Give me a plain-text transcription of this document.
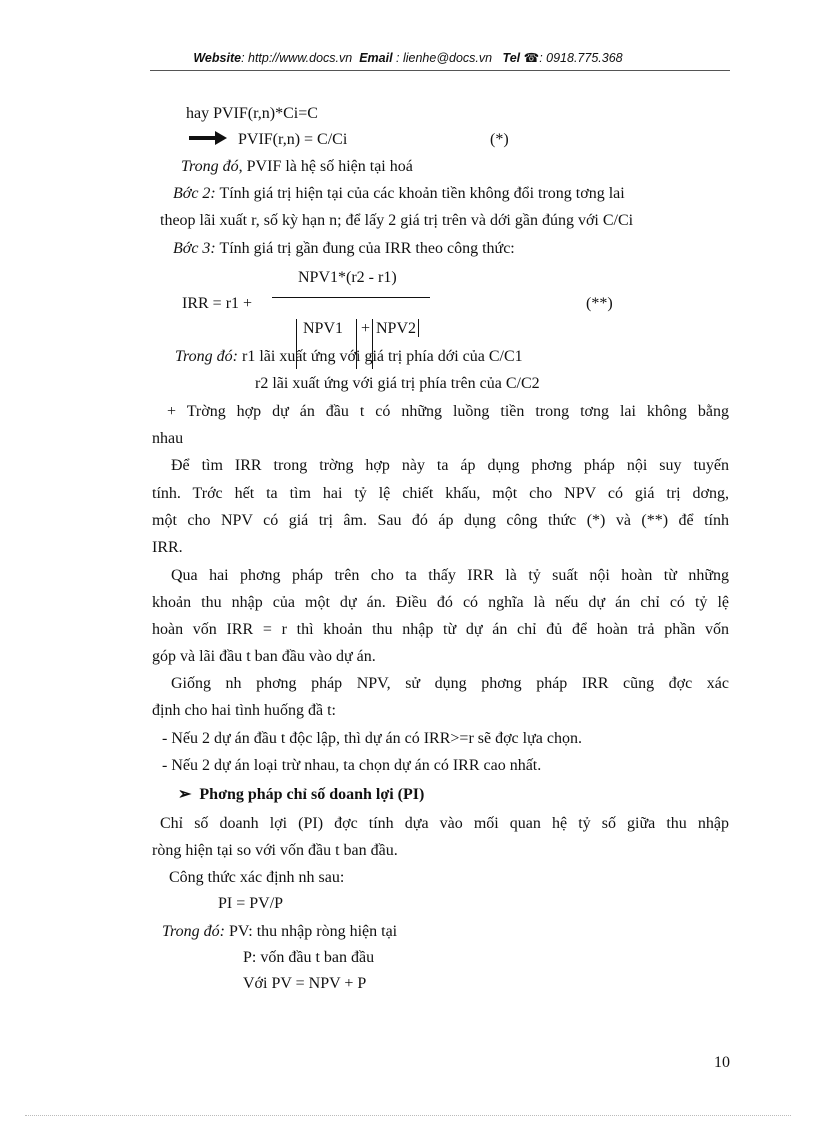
Website: http://www.docs.vn Email : lienhe@docs.vn Tel ☎: 0918.775.368
hay PVIF(r,n)*Ci=C
PVIF(r,n) = C/Ci	(*)
Trong đó, PVIF là hệ số hiện tại hoá
Bớc 2: Tính giá trị hiện tại của các khoản tiền không đổi trong tơng lai
theop lãi xuất r, số kỳ hạn n; để lấy 2 giá trị trên và dới gần đúng với C/Ci
Bớc 3: Tính giá trị gần đung của IRR theo công thức:
NPV1*(r2 - r1)
IRR = r1 +	(**)
NPV1 + NPV2
Trong đó: r1 lãi xuất ứng với giá trị phía dới của C/C1
r2 lãi xuất ứng với giá trị phía trên của C/C2
+ Trờng hợp dự án đầu t có những luồng tiền trong tơng lai không bằng
nhau
Để tìm IRR trong trờng hợp này ta áp dụng phơng pháp nội suy tuyến
tính. Trớc hết ta tìm hai tỷ lệ chiết khấu, một cho NPV có giá trị dơng,
một cho NPV có giá trị âm. Sau đó áp dụng công thức (*) và (**) để tính
IRR.
Qua hai phơng pháp trên cho ta thấy IRR là tỷ suất nội hoàn từ những
khoản thu nhập của một dự án. Điều đó có nghĩa là nếu dự án chỉ có tỷ lệ
hoàn vốn IRR = r thì khoản thu nhập từ dự án chỉ đủ để hoàn trả phần vốn
góp và lãi đầu t ban đầu vào dự án.
Giống nh phơng pháp NPV, sử dụng phơng pháp IRR cũng đợc xác
định cho hai tình huống đầ t:
- Nếu 2 dự án đầu t độc lập, thì dự án có IRR>=r sẽ đợc lựa chọn.
- Nếu 2 dự án loại trừ nhau, ta chọn dự án có IRR cao nhất.
➢ Phơng pháp chỉ số doanh lợi (PI)
Chỉ số doanh lợi (PI) đợc tính dựa vào mối quan hệ tỷ số giữa thu nhập
ròng hiện tại so với vốn đầu t ban đầu.
Công thức xác định nh sau:
PI = PV/P
Trong đó: PV: thu nhập ròng hiện tại
P: vốn đầu t ban đầu
Với PV = NPV + P
10
